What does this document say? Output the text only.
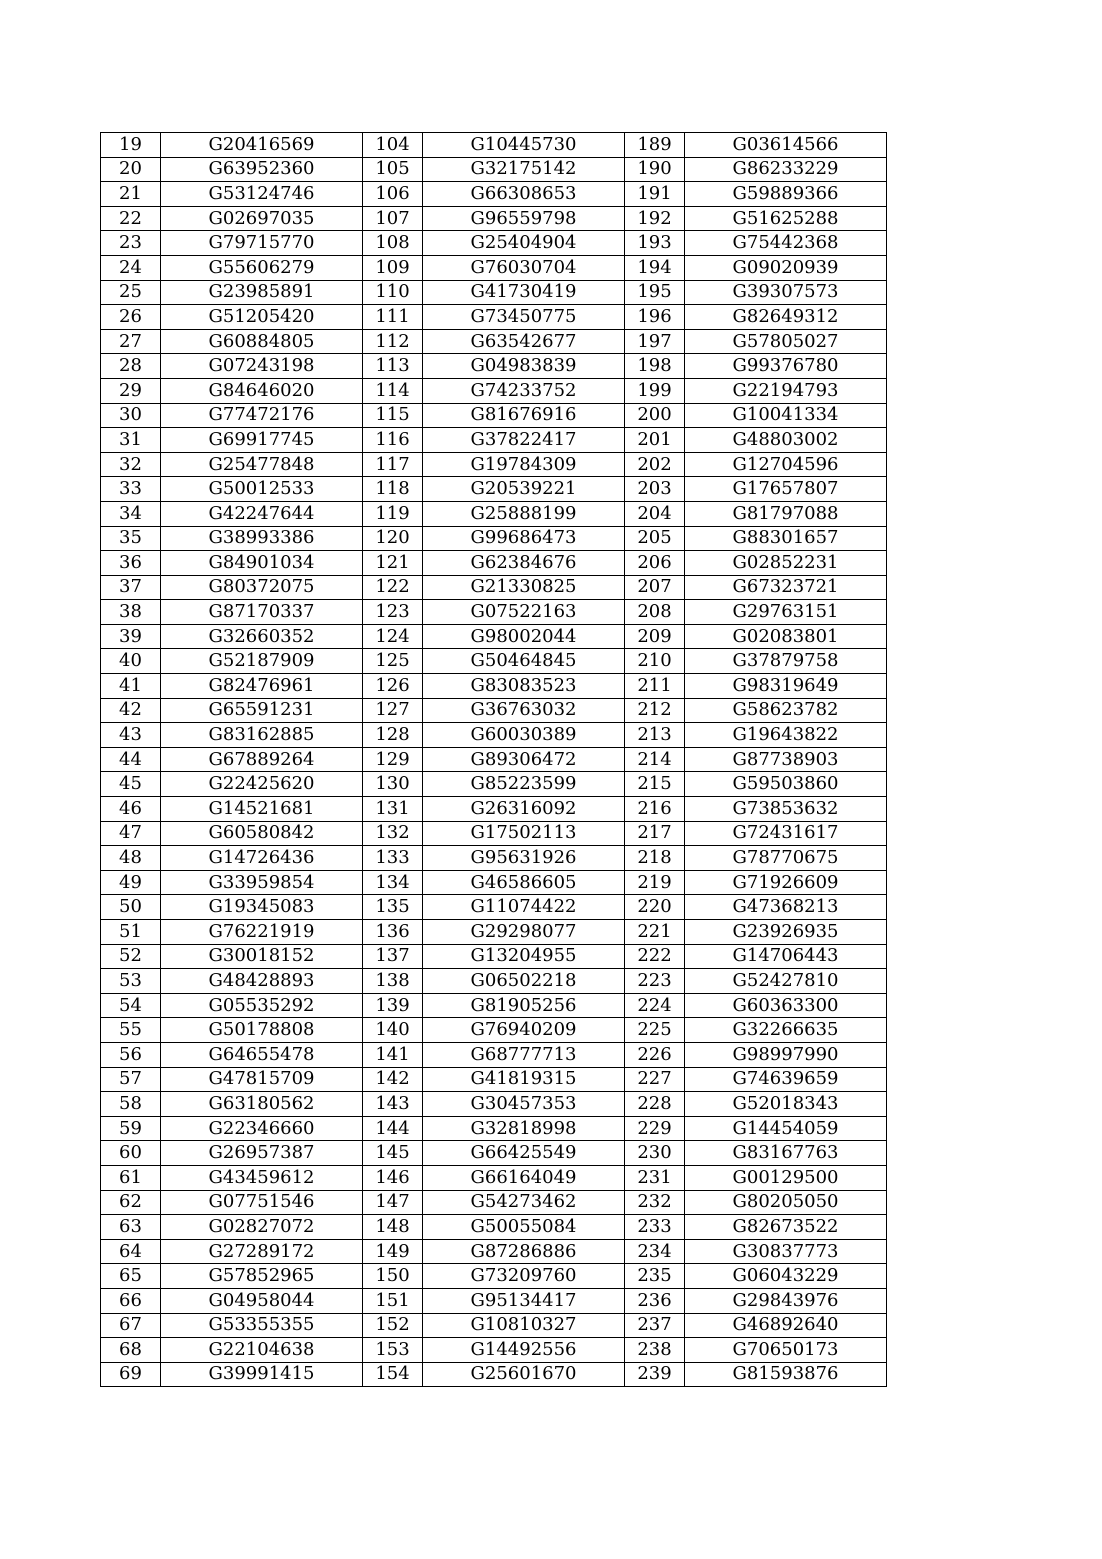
19	G20416569	104	G10445730	189	G03614566
20	G63952360	105	G32175142	190	G86233229
21	G53124746	106	G66308653	191	G59889366
22	G02697035	107	G96559798	192	G51625288
23	G79715770	108	G25404904	193	G75442368
24	G55606279	109	G76030704	194	G09020939
25	G23985891	110	G41730419	195	G39307573
26	G51205420	111	G73450775	196	G82649312
27	G60884805	112	G63542677	197	G57805027
28	G07243198	113	G04983839	198	G99376780
29	G84646020	114	G74233752	199	G22194793
30	G77472176	115	G81676916	200	G10041334
31	G69917745	116	G37822417	201	G48803002
32	G25477848	117	G19784309	202	G12704596
33	G50012533	118	G20539221	203	G17657807
34	G42247644	119	G25888199	204	G81797088
35	G38993386	120	G99686473	205	G88301657
36	G84901034	121	G62384676	206	G02852231
37	G80372075	122	G21330825	207	G67323721
38	G87170337	123	G07522163	208	G29763151
39	G32660352	124	G98002044	209	G02083801
40	G52187909	125	G50464845	210	G37879758
41	G82476961	126	G83083523	211	G98319649
42	G65591231	127	G36763032	212	G58623782
43	G83162885	128	G60030389	213	G19643822
44	G67889264	129	G89306472	214	G87738903
45	G22425620	130	G85223599	215	G59503860
46	G14521681	131	G26316092	216	G73853632
47	G60580842	132	G17502113	217	G72431617
48	G14726436	133	G95631926	218	G78770675
49	G33959854	134	G46586605	219	G71926609
50	G19345083	135	G11074422	220	G47368213
51	G76221919	136	G29298077	221	G23926935
52	G30018152	137	G13204955	222	G14706443
53	G48428893	138	G06502218	223	G52427810
54	G05535292	139	G81905256	224	G60363300
55	G50178808	140	G76940209	225	G32266635
56	G64655478	141	G68777713	226	G98997990
57	G47815709	142	G41819315	227	G74639659
58	G63180562	143	G30457353	228	G52018343
59	G22346660	144	G32818998	229	G14454059
60	G26957387	145	G66425549	230	G83167763
61	G43459612	146	G66164049	231	G00129500
62	G07751546	147	G54273462	232	G80205050
63	G02827072	148	G50055084	233	G82673522
64	G27289172	149	G87286886	234	G30837773
65	G57852965	150	G73209760	235	G06043229
66	G04958044	151	G95134417	236	G29843976
67	G53355355	152	G10810327	237	G46892640
68	G22104638	153	G14492556	238	G70650173
69	G39991415	154	G25601670	239	G81593876
